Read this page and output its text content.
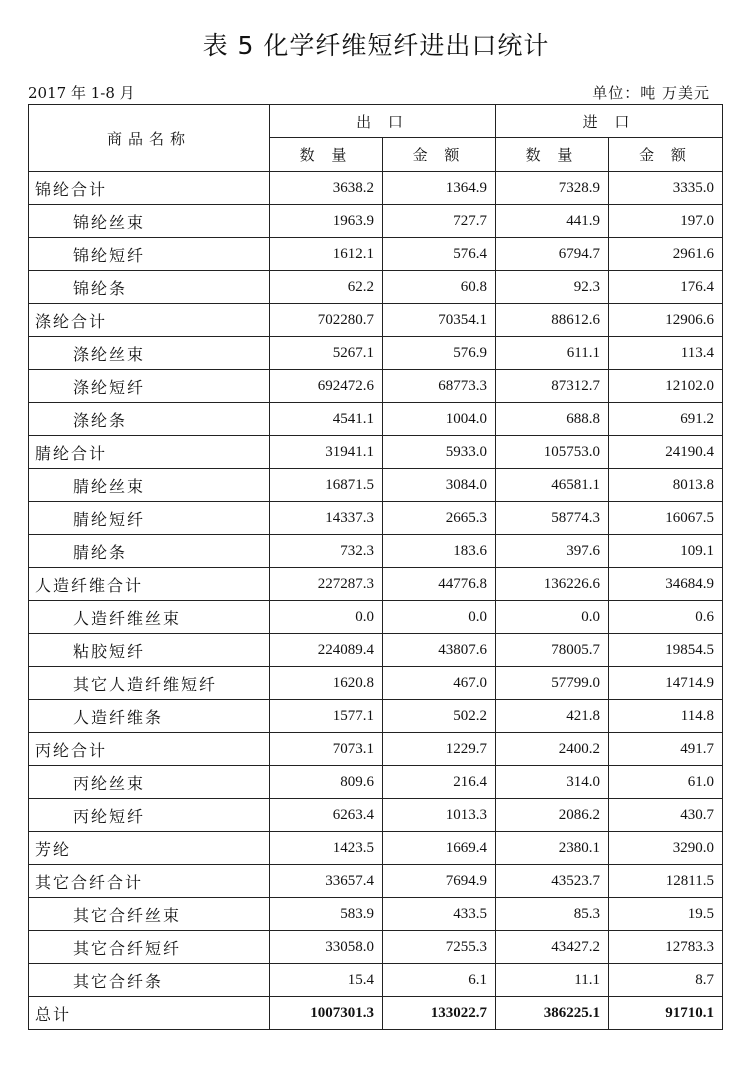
表 5 化学纤维短纤进出口统计
2017 年 1-8 月	单位：吨 万美元
商品名称	出 口		进 口	
	数 量	金 额	数 量	金 额
锦纶合计	3638.2	1364.9	7328.9	3335.0
锦纶丝束	1963.9	727.7	441.9	197.0
锦纶短纤	1612.1	576.4	6794.7	2961.6
锦纶条	62.2	60.8	92.3	176.4
涤纶合计	702280.7	70354.1	88612.6	12906.6
涤纶丝束	5267.1	576.9	611.1	113.4
涤纶短纤	692472.6	68773.3	87312.7	12102.0
涤纶条	4541.1	1004.0	688.8	691.2
腈纶合计	31941.1	5933.0	105753.0	24190.4
腈纶丝束	16871.5	3084.0	46581.1	8013.8
腈纶短纤	14337.3	2665.3	58774.3	16067.5
腈纶条	732.3	183.6	397.6	109.1
人造纤维合计	227287.3	44776.8	136226.6	34684.9
人造纤维丝束	0.0	0.0	0.0	0.6
粘胶短纤	224089.4	43807.6	78005.7	19854.5
其它人造纤维短纤	1620.8	467.0	57799.0	14714.9
人造纤维条	1577.1	502.2	421.8	114.8
丙纶合计	7073.1	1229.7	2400.2	491.7
丙纶丝束	809.6	216.4	314.0	61.0
丙纶短纤	6263.4	1013.3	2086.2	430.7
芳纶	1423.5	1669.4	2380.1	3290.0
其它合纤合计	33657.4	7694.9	43523.7	12811.5
其它合纤丝束	583.9	433.5	85.3	19.5
其它合纤短纤	33058.0	7255.3	43427.2	12783.3
其它合纤条	15.4	6.1	11.1	8.7
总计	1007301.3	133022.7	386225.1	91710.1
